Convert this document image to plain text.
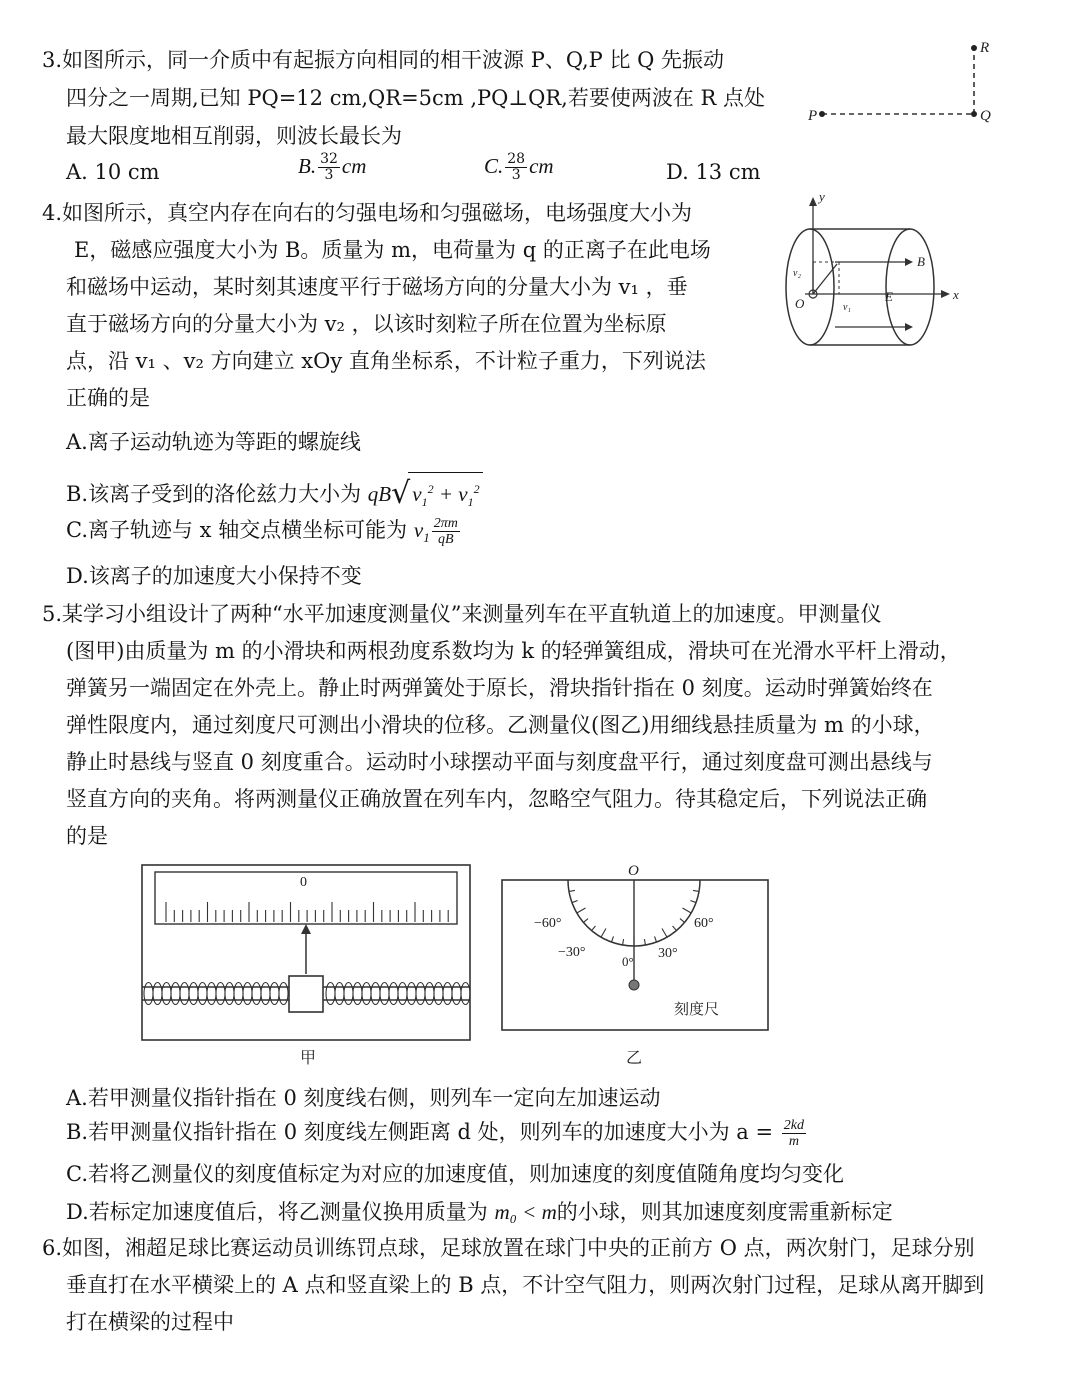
3.如图所示，同一介质中有起振方向相同的相干波源 P、Q,P 比 Q 先振动
四分之一周期,已知 PQ=12 cm,QR=5cm ,PQ⊥QR,若要使两波在 R 点处
最大限度地相互削弱，则波长最长为
A. 10 cm	B. $\frac{32}{3}$ cm	C. $\frac{28}{3}$ cm	D. 13 cm
P	Q
R
4.如图所示，真空内存在向右的匀强电场和匀强磁场，电场强度大小为
E，磁感应强度大小为 B。质量为 m，电荷量为 q 的正离子在此电场
和磁场中运动，某时刻其速度平行于磁场方向的分量大小为 v₁ ，垂
直于磁场方向的分量大小为 v₂ ，以该时刻粒子所在位置为坐标原
点，沿 v₁ 、v₂ 方向建立 xOy 直角坐标系，不计粒子重力，下列说法
正确的是
A.离子运动轨迹为等距的螺旋线
B.该离子受到的洛伦兹力大小为 $qB√v_1^2 + v_1^2$
C.离子轨迹与 x 轴交点横坐标可能为 $v_1 \frac{2\pi m}{qB}$
D.该离子的加速度大小保持不变
y
x
O
B
E
v₂
v₁
5.某学习小组设计了两种“水平加速度测量仪”来测量列车在平直轨道上的加速度。甲测量仪
(图甲)由质量为 m 的小滑块和两根劲度系数均为 k 的轻弹簧组成，滑块可在光滑水平杆上滑动，
弹簧另一端固定在外壳上。静止时两弹簧处于原长，滑块指针指在 0 刻度。运动时弹簧始终在
弹性限度内，通过刻度尺可测出小滑块的位移。乙测量仪(图乙)用细线悬挂质量为 m 的小球，
静止时悬线与竖直 0 刻度重合。运动时小球摆动平面与刻度盘平行，通过刻度盘可测出悬线与
竖直方向的夹角。将两测量仪正确放置在列车内，忽略空气阻力。待其稳定后，下列说法正确
的是
0
甲
O
−60°
−30°
0°
30°
60°
刻度尺
乙
A.若甲测量仪指针指在 0 刻度线右侧，则列车一定向左加速运动
B.若甲测量仪指针指在 0 刻度线左侧距离 d 处，则列车的加速度大小为 $a = \frac{2kd}{m}$
C.若将乙测量仪的刻度值标定为对应的加速度值，则加速度的刻度值随角度均匀变化
D.若标定加速度值后，将乙测量仪换用质量为 m₀ < m的小球，则其加速度刻度需重新标定
6.如图，湘超足球比赛运动员训练罚点球，足球放置在球门中央的正前方 O 点，两次射门，足球分别
垂直打在水平横梁上的 A 点和竖直梁上的 B 点，不计空气阻力，则两次射门过程，足球从离开脚到
打在横梁的过程中
